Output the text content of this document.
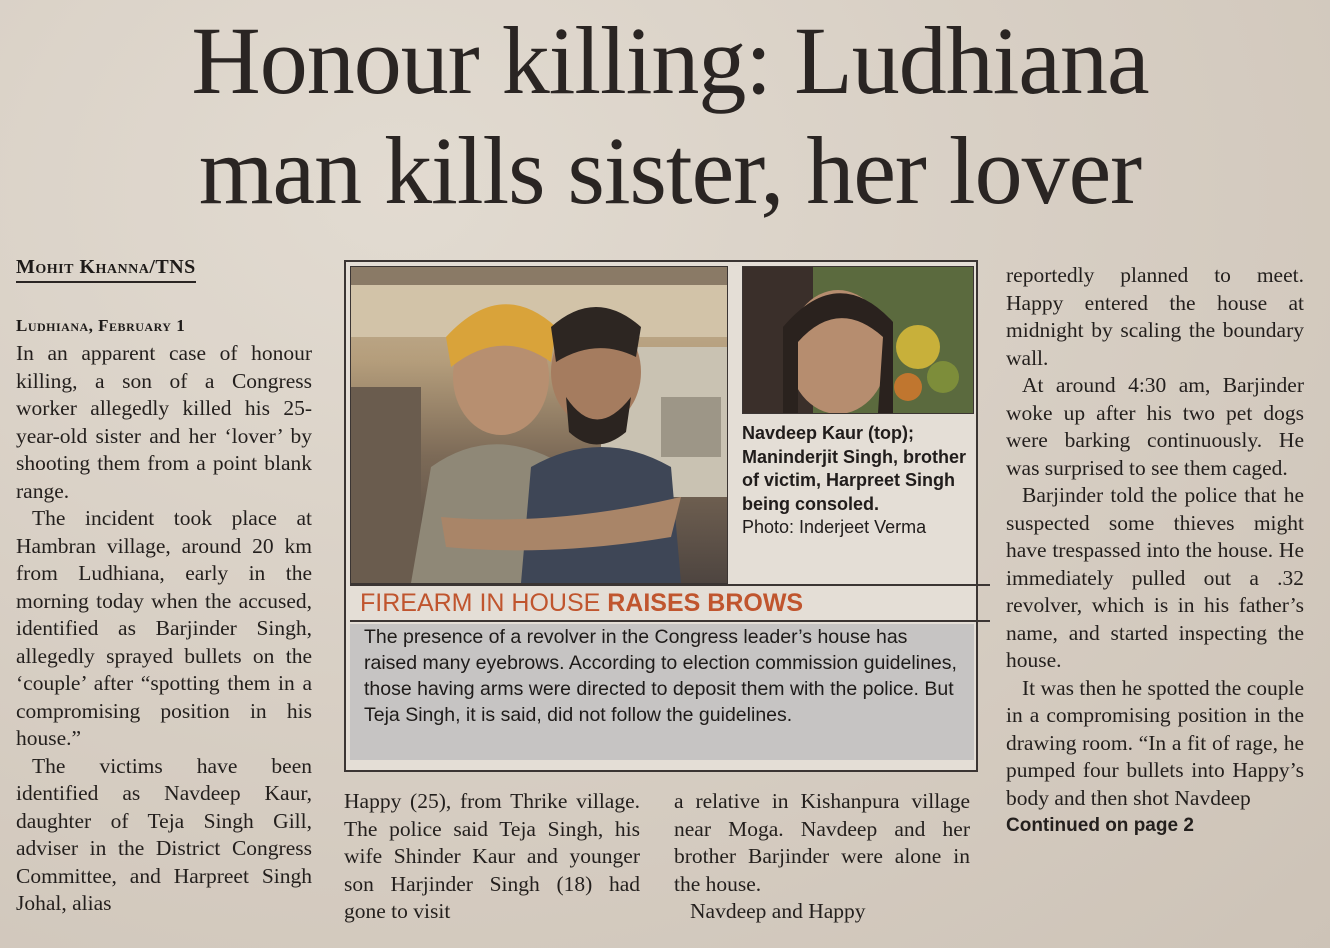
Honour killing: Ludhiana
man kills sister, her lover
Mohit Khanna/TNS
Ludhiana, February 1

In an apparent case of honour killing, a son of a Congress worker allegedly killed his 25-year-old sister and her ‘lover’ by shooting them from a point blank range.

The incident took place at Hambran village, around 20 km from Ludhiana, early in the morning today when the accused, identified as Barjinder Singh, allegedly sprayed bullets on the ‘couple’ after “spotting them in a compromising position in his house.”

The victims have been identified as Navdeep Kaur, daughter of Teja Singh Gill, adviser in the District Congress Committee, and Harpreet Singh Johal, alias

Navdeep Kaur (top); Maninderjit Singh, brother of victim, Harpreet Singh being consoled.
Photo: Inderjeet Verma
FIREARM IN HOUSE RAISES BROWS
The presence of a revolver in the Congress leader’s house has raised many eyebrows. According to election commission guidelines, those having arms were directed to deposit them with the police. But Teja Singh, it is said, did not follow the guidelines.

Happy (25), from Thrike village. The police said Teja Singh, his wife Shinder Kaur and younger son Harjinder Singh (18) had gone to visit

a relative in Kishanpura village near Moga. Navdeep and her brother Barjinder were alone in the house.

Navdeep and Happy

reportedly planned to meet. Happy entered the house at midnight by scaling the boundary wall.

At around 4:30 am, Barjinder woke up after his two pet dogs were barking continuously. He was surprised to see them caged.

Barjinder told the police that he suspected some thieves might have trespassed into the house. He immediately pulled out a .32 revolver, which is in his father’s name, and started inspecting the house.

It was then he spotted the couple in a compromising position in the drawing room. “In a fit of rage, he pumped four bullets into Happy’s body and then shot Navdeep

Continued on page 2
